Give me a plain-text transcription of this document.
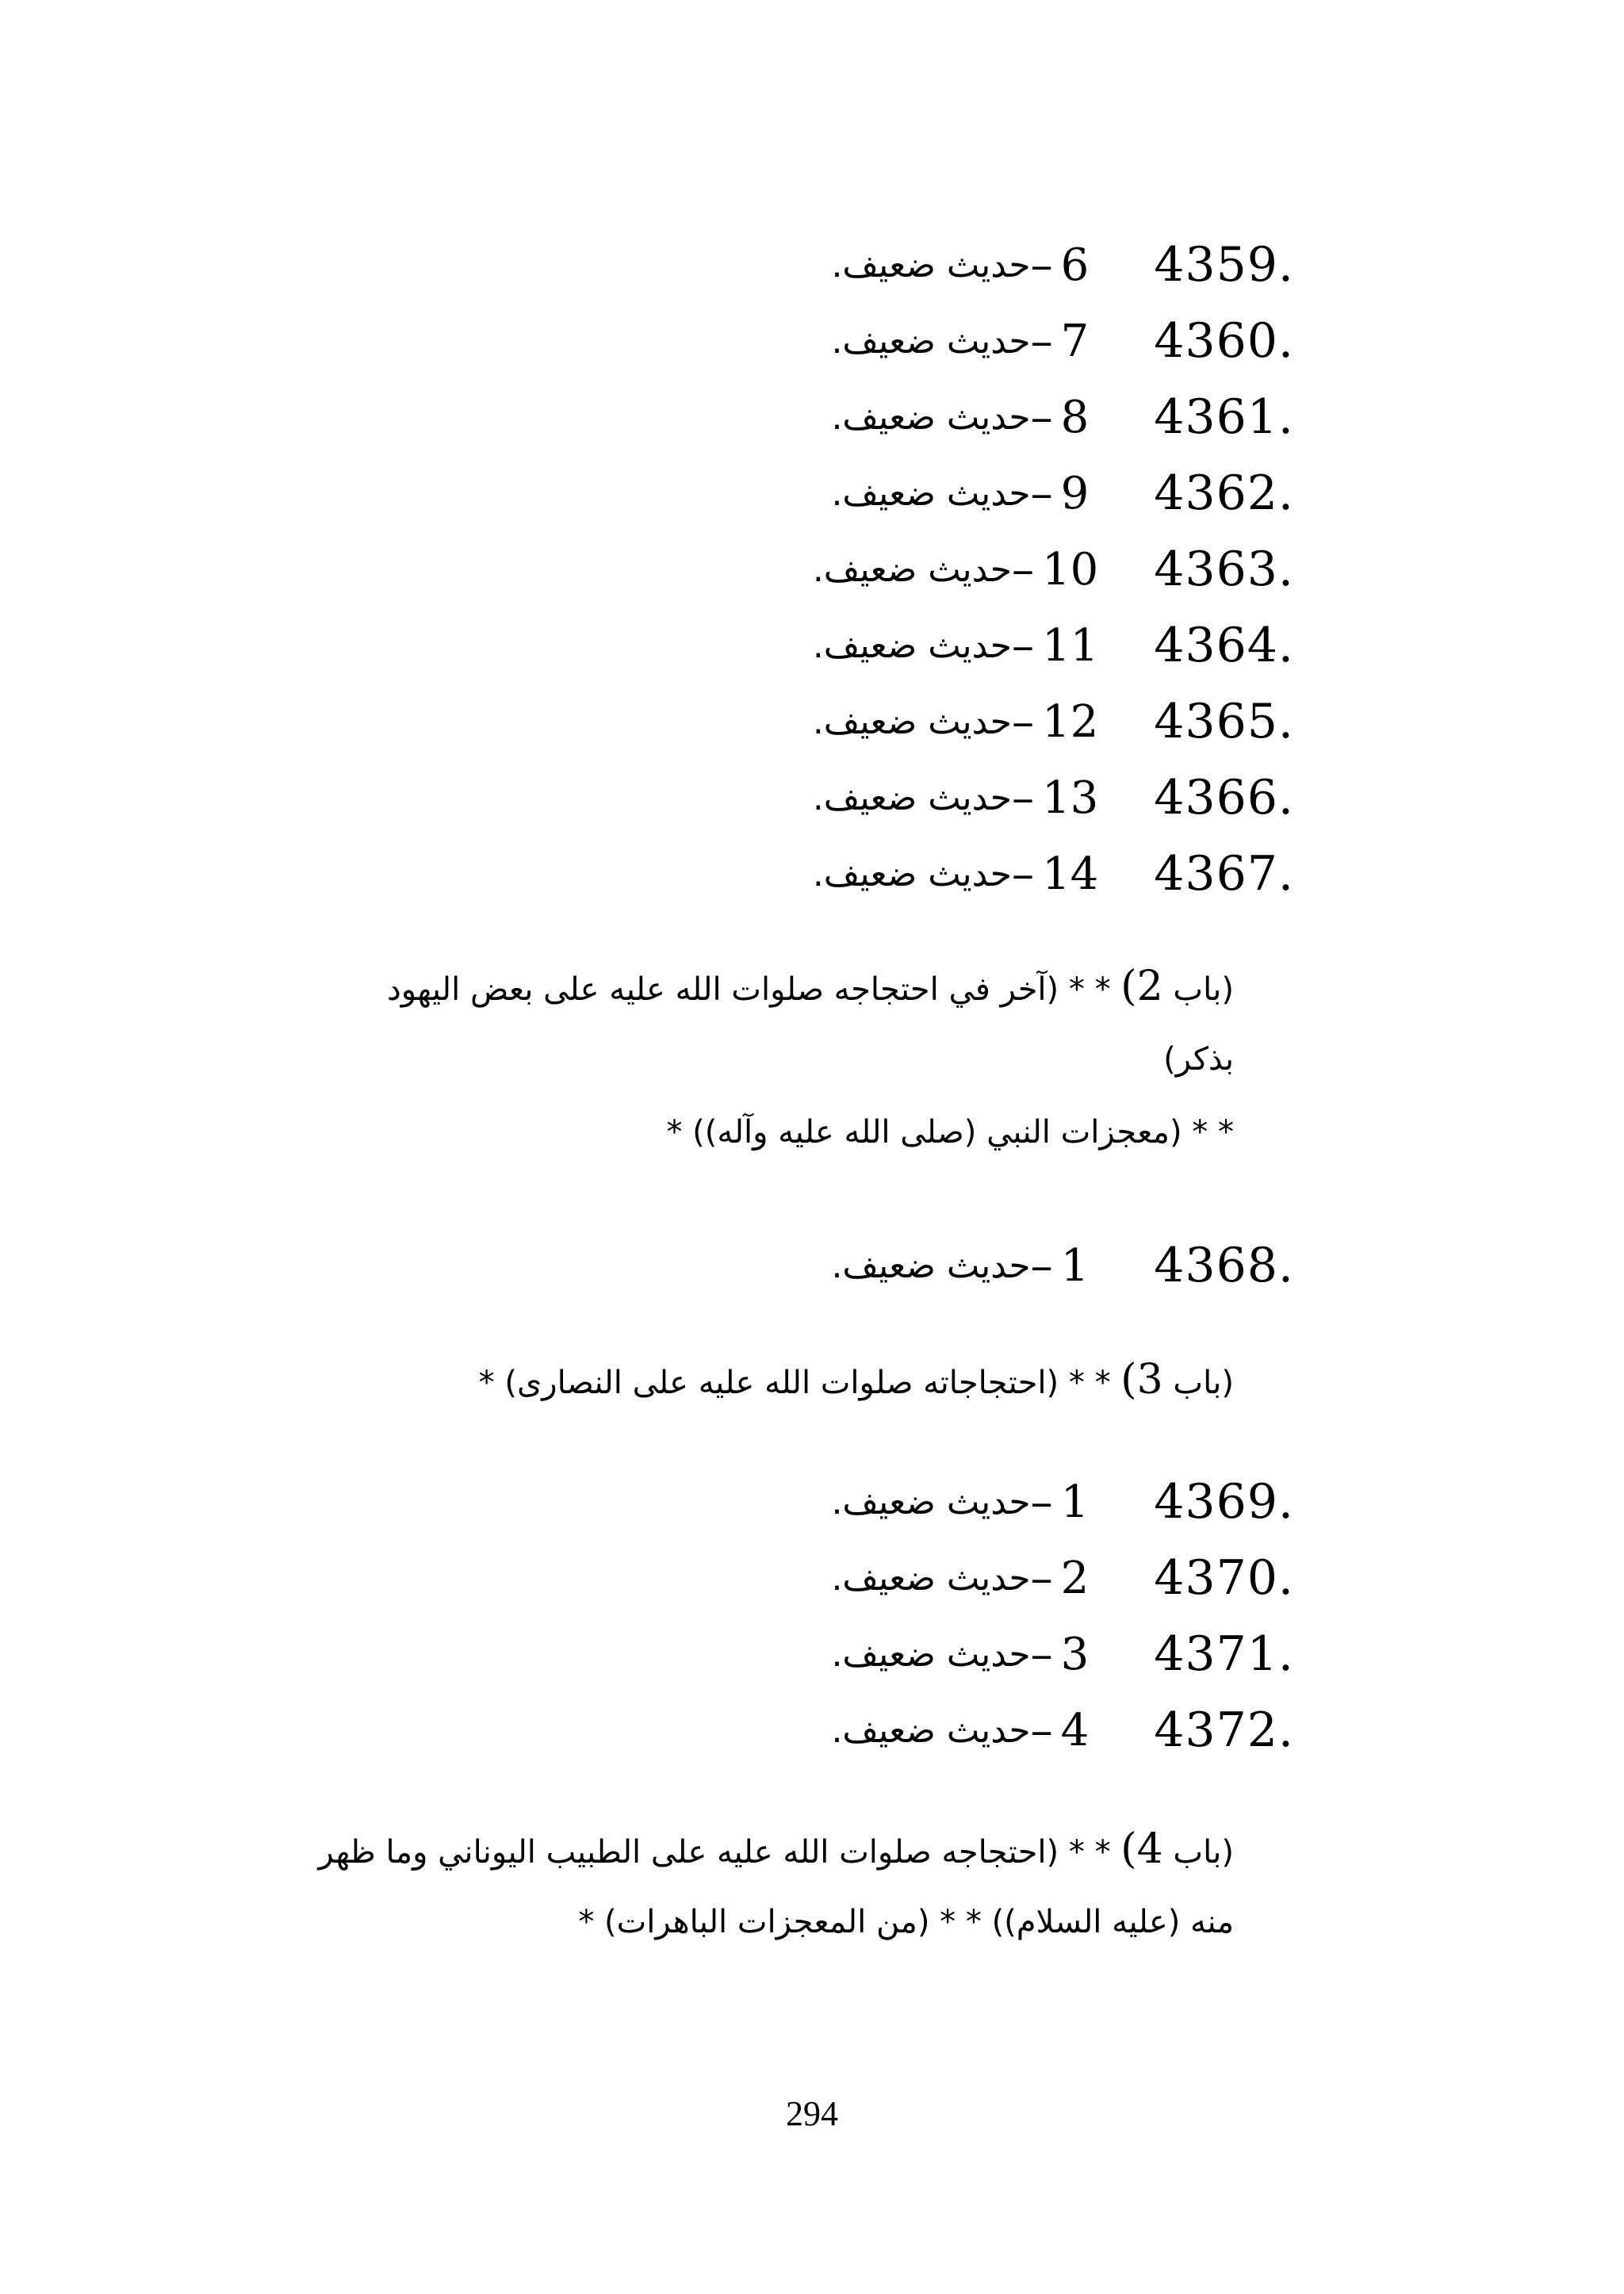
حديث ضعيف. – 6 4359.
حديث ضعيف. – 7 4360.
حديث ضعيف. – 8 4361.
حديث ضعيف. – 9 4362.
حديث ضعيف. – 10 4363.
حديث ضعيف. – 11 4364.
حديث ضعيف. – 12 4365.
حديث ضعيف. – 13 4366.
حديث ضعيف. – 14 4367.
(باب 2) * * (آخر في احتجاجه صلوات الله عليه على بعض اليهود
بذكر)
* * (معجزات النبي (صلى الله عليه وآله)) *
حديث ضعيف. – 1 4368.
(باب 3) * * (احتجاجاته صلوات الله عليه على النصارى) *
حديث ضعيف. – 1 4369.
حديث ضعيف. – 2 4370.
حديث ضعيف. – 3 4371.
حديث ضعيف. – 4 4372.
(باب 4) * * (احتجاجه صلوات الله عليه على الطبيب اليوناني وما ظهر
منه (عليه السلام)) * * (من المعجزات الباهرات) *
294
